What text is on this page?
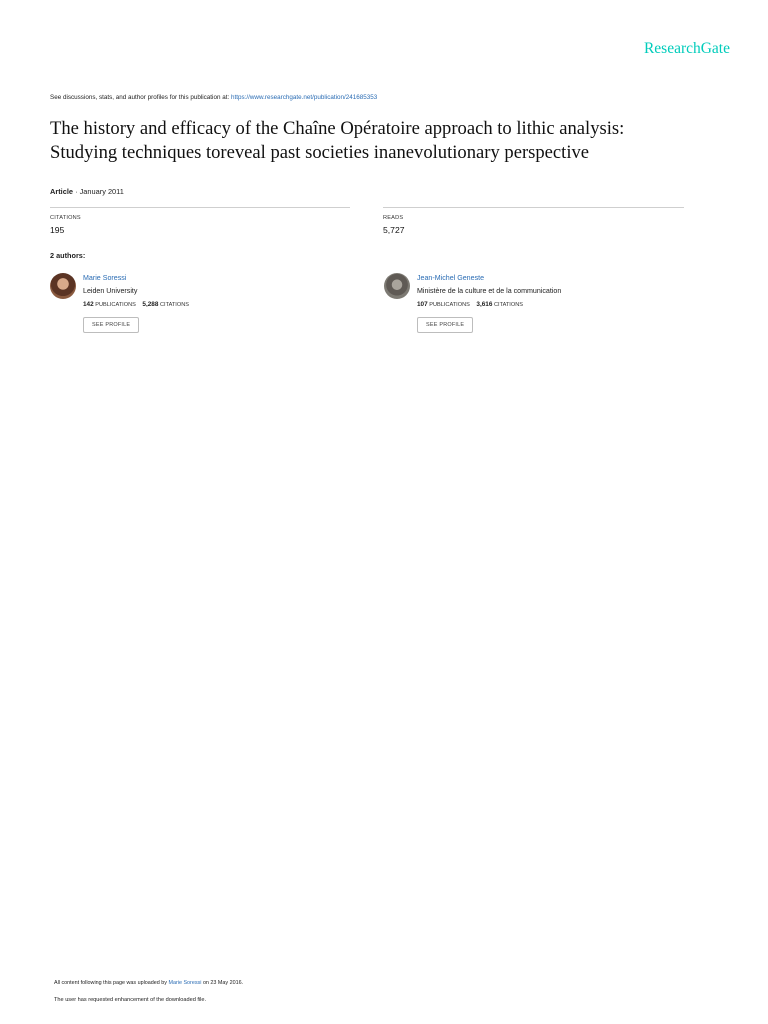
ResearchGate
See discussions, stats, and author profiles for this publication at: https://www.researchgate.net/publication/241685353
The history and efficacy of the Chaîne Opératoire approach to lithic analysis:
Studying techniques toreveal past societies inanevolutionary perspective
Article · January 2011
CITATIONS
195
READS
5,727
2 authors:
Marie Soressi
Leiden University
142 PUBLICATIONS 5,288 CITATIONS
SEE PROFILE
Jean-Michel Geneste
Ministère de la culture et de la communication
107 PUBLICATIONS 3,616 CITATIONS
SEE PROFILE
All content following this page was uploaded by Marie Soressi on 23 May 2016.
The user has requested enhancement of the downloaded file.
